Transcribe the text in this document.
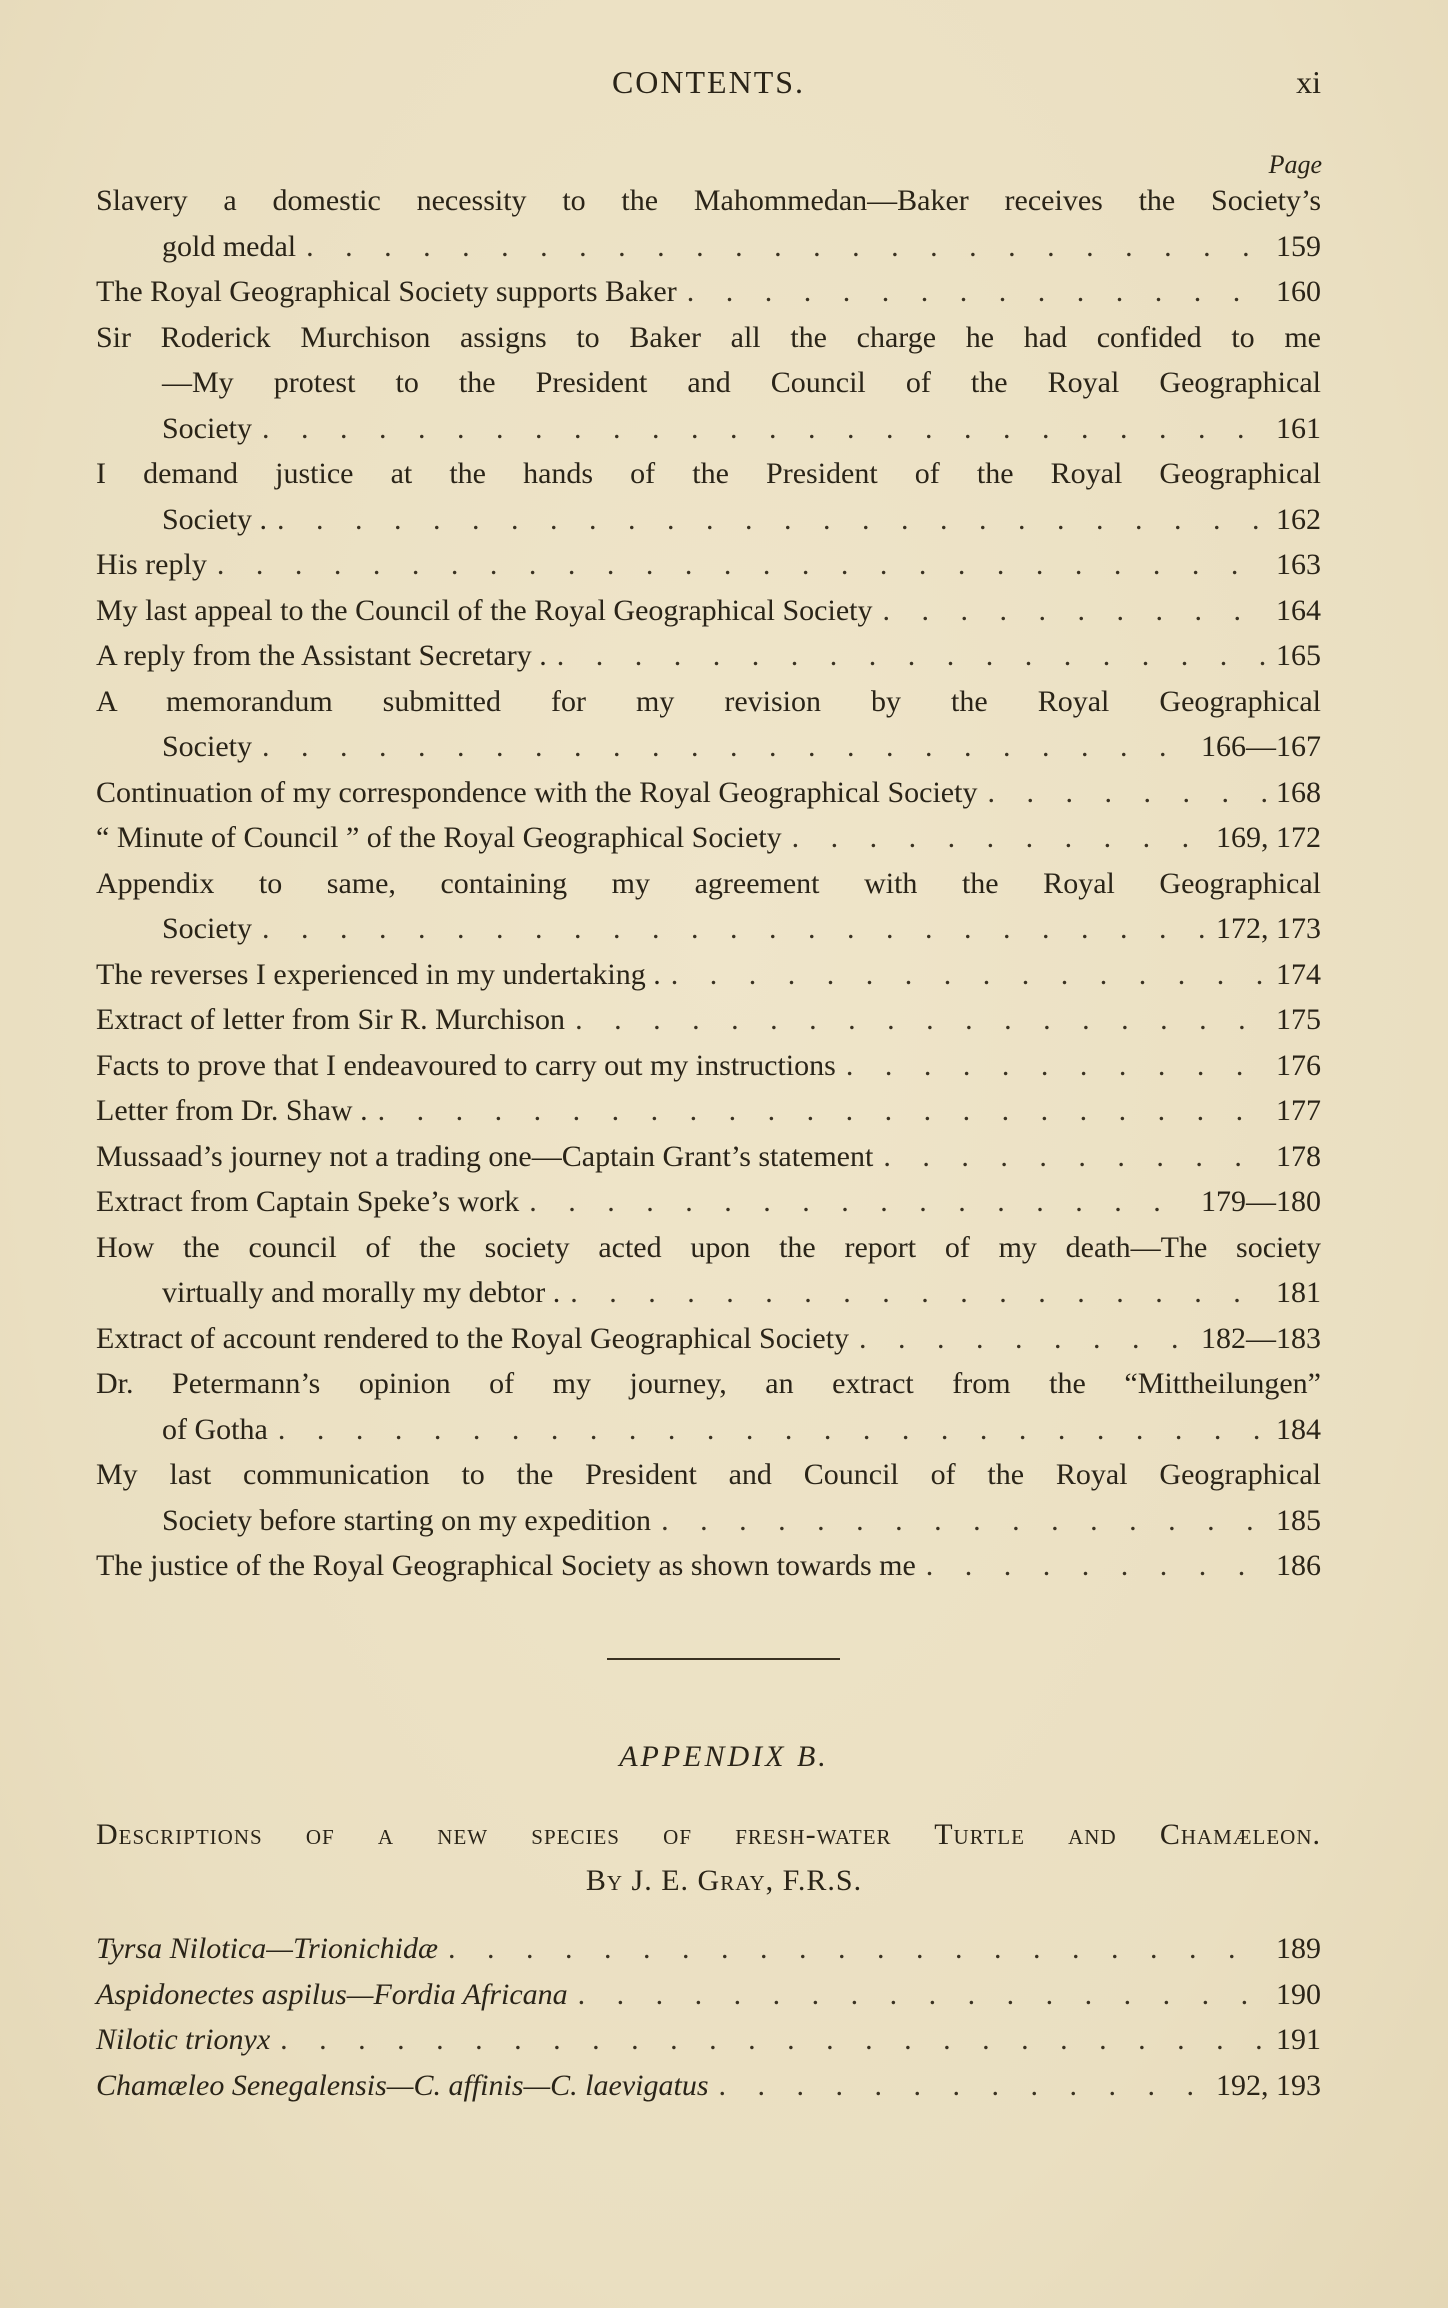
CONTENTS.	xi
Page
Slavery a domestic necessity to the Mahommedan—Baker receives the Society’s
gold medal . . .	159
The Royal Geographical Society supports Baker . . .	160
Sir Roderick Murchison assigns to Baker all the charge he had confided to me
—My protest to the President and Council of the Royal Geographical
Society . . .	161
I demand justice at the hands of the President of the Royal Geographical
Society . . . .	162
His reply . . .	163
My last appeal to the Council of the Royal Geographical Society . . .	164
A reply from the Assistant Secretary . . . .	165
A memorandum submitted for my revision by the Royal Geographical
Society . . .	166—167
Continuation of my correspondence with the Royal Geographical Society . . .	168
“ Minute of Council ” of the Royal Geographical Society . . .	169, 172
Appendix to same, containing my agreement with the Royal Geographical
Society . . .	172, 173
The reverses I experienced in my undertaking . . . .	174
Extract of letter from Sir R. Murchison . . .	175
Facts to prove that I endeavoured to carry out my instructions . . .	176
Letter from Dr. Shaw . . . .	177
Mussaad’s journey not a trading one—Captain Grant’s statement . . .	178
Extract from Captain Speke’s work . . .	179—180
How the council of the society acted upon the report of my death—The society
virtually and morally my debtor . . . .	181
Extract of account rendered to the Royal Geographical Society . . .	182—183
Dr. Petermann’s opinion of my journey, an extract from the “Mittheilungen”
of Gotha . . .	184
My last communication to the President and Council of the Royal Geographical
Society before starting on my expedition . . .	185
The justice of the Royal Geographical Society as shown towards me . . .	186
APPENDIX B.
Descriptions of a new species of fresh-water Turtle and Chamæleon.
By J. E. Gray, F.R.S.
Tyrsa Nilotica—Trionichidæ . . .	189
Aspidonectes aspilus—Fordia Africana . . .	190
Nilotic trionyx . . .	191
Chamæleo Senegalensis—C. affinis—C. laevigatus . . .	192, 193
